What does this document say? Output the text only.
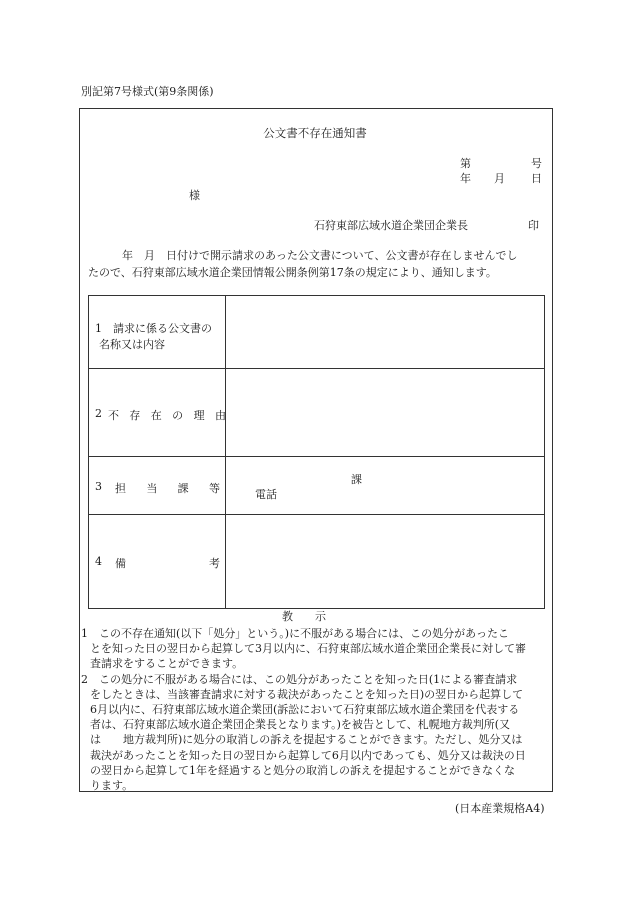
別記第7号様式(第9条関係)
公文書不存在通知書
第	号
年 月 日
様
石狩東部広域水道企業団企業長	印
年　月　日付けで開示請求のあった公文書について、公文書が存在しませんでし
たので、石狩東部広域水道企業団情報公開条例第17条の規定により、通知します。
1　請求に係る公文書の
名称又は内容
2 不 存 在 の 理 由
3 担 当 課 等
課
電話
4 備	考
教示
1　この不存在通知(以下「処分」という。)に不服がある場合には、この処分があったこ
とを知った日の翌日から起算して3月以内に、石狩東部広域水道企業団企業長に対して審
査請求をすることができます。
2　この処分に不服がある場合には、この処分があったことを知った日(1による審査請求
をしたときは、当該審査請求に対する裁決があったことを知った日)の翌日から起算して
6月以内に、石狩東部広域水道企業団(訴訟において石狩東部広域水道企業団を代表する
者は、石狩東部広域水道企業団企業長となります。)を被告として、札幌地方裁判所(又
は　　地方裁判所)に処分の取消しの訴えを提起することができます。ただし、処分又は
裁決があったことを知った日の翌日から起算して6月以内であっても、処分又は裁決の日
の翌日から起算して1年を経過すると処分の取消しの訴えを提起することができなくな
ります。
(日本産業規格A4)
